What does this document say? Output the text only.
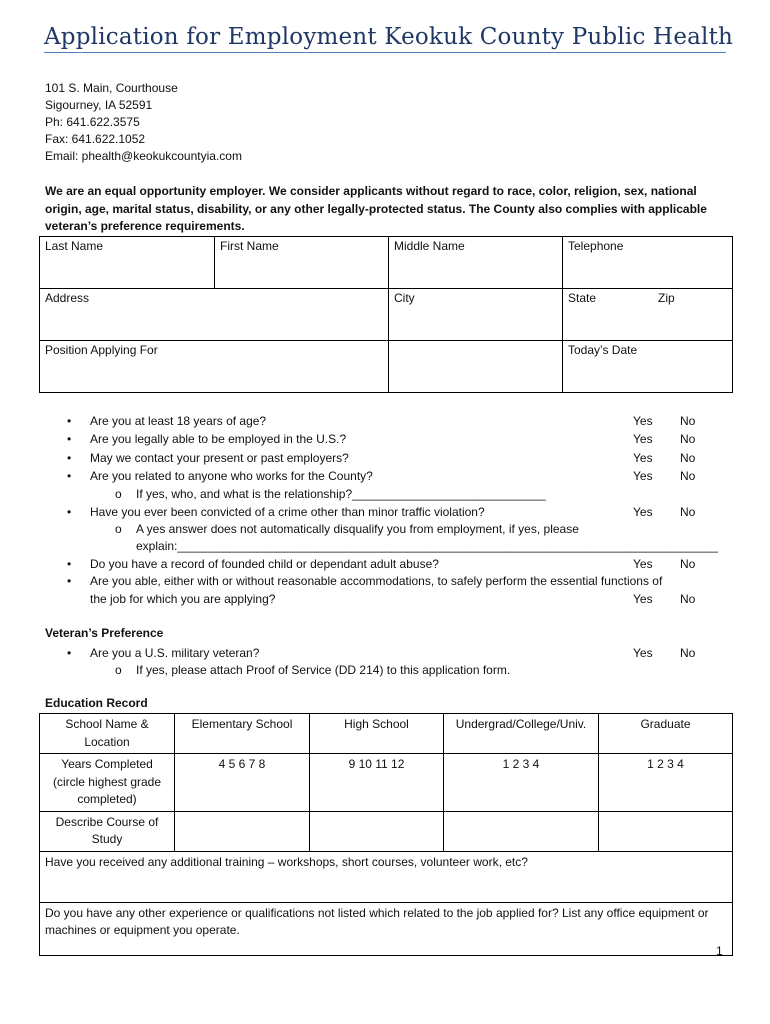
Application for Employment Keokuk County Public Health
101 S. Main, Courthouse
Sigourney, IA 52591
Ph: 641.622.3575
Fax: 641.622.1052
Email: phealth@keokukcountyia.com
We are an equal opportunity employer. We consider applicants without regard to race, color, religion, sex, national origin, age, marital status, disability, or any other legally-protected status. The County also complies with applicable veteran’s preference requirements.
Last Name	First Name	Middle Name	Telephone
Address		City	State Zip
Position Applying For			Today’s Date
• Are you at least 18 years of age?	Yes No
• Are you legally able to be employed in the U.S.?	Yes No
• May we contact your present or past employers?	Yes No
• Are you related to anyone who works for the County?	Yes No
o If yes, who, and what is the relationship?_____________________________
• Have you ever been convicted of a crime other than minor traffic violation?	Yes No
o A yes answer does not automatically disqualify you from employment, if yes, please
explain:_________________________________________________________________________________
• Do you have a record of founded child or dependant adult abuse?	Yes No
• Are you able, either with or without reasonable accommodations, to safely perform the essential functions of
the job for which you are applying?	Yes No
Veteran’s Preference
• Are you a U.S. military veteran?	Yes No
o If yes, please attach Proof of Service (DD 214) to this application form.
Education Record
School Name & Location	Elementary School	High School	Undergrad/College/Univ.	Graduate
Years Completed (circle highest grade completed)	4 5 6 7 8	9 10 11 12	1 2 3 4	1 2 3 4
Describe Course of Study				
Have you received any additional training – workshops, short courses, volunteer work, etc?				
Do you have any other experience or qualifications not listed which related to the job applied for? List any office equipment or machines or equipment you operate.				
1
